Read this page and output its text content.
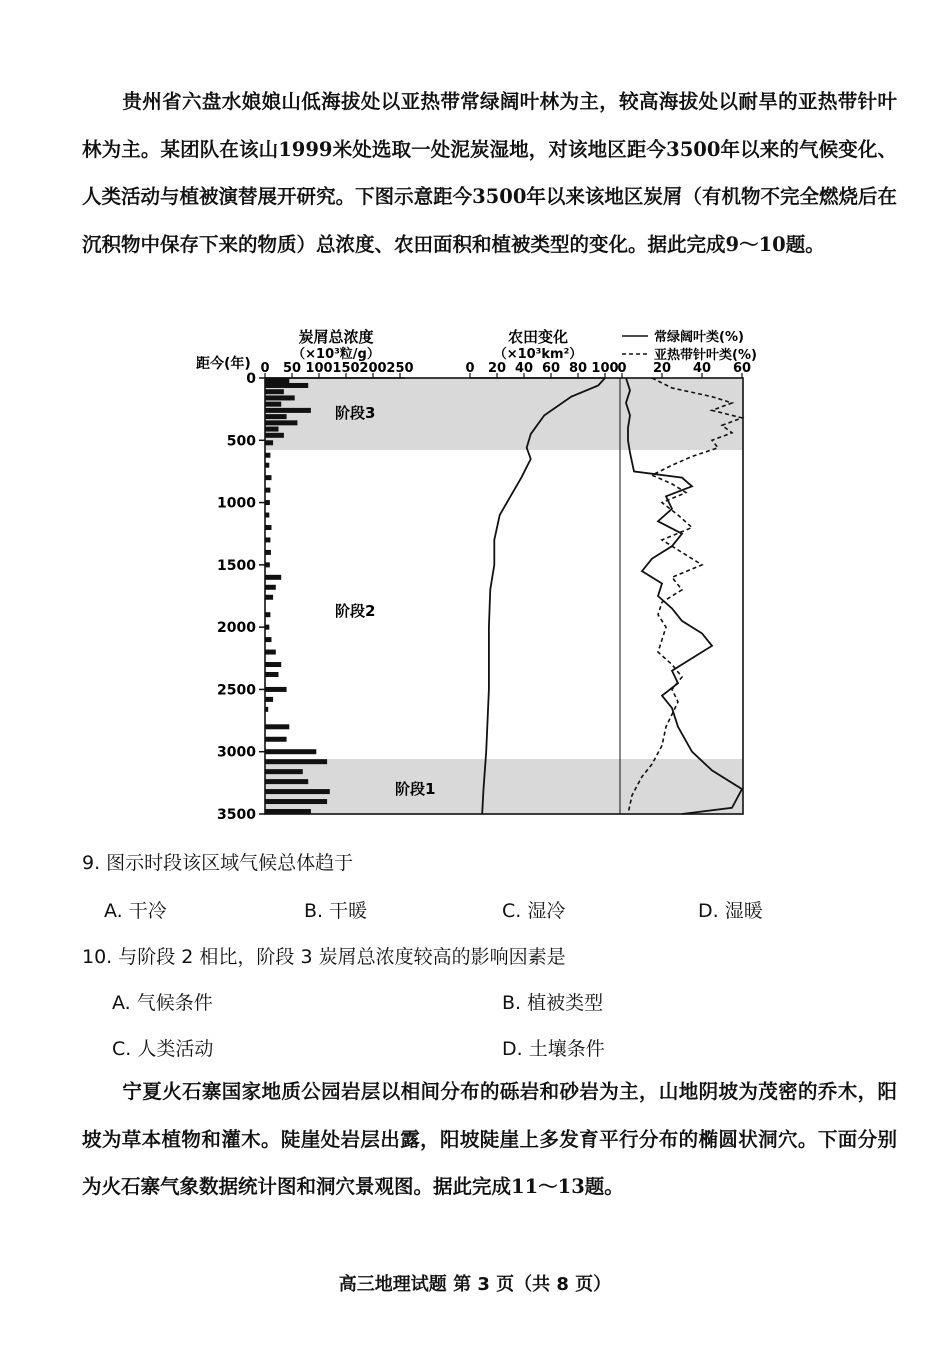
贵州省六盘水娘娘山低海拔处以亚热带常绿阔叶林为主，较高海拔处以耐旱的亚热带针叶林为主。某团队在该山1999米处选取一处泥炭湿地，对该地区距今3500年以来的气候变化、人类活动与植被演替展开研究。下图示意距今3500年以来该地区炭屑（有机物不完全燃烧后在沉积物中保存下来的物质）总浓度、农田面积和植被类型的变化。据此完成9～10题。
炭屑总浓度
（×10³粒/g）
农田变化
（×10³km²）
距今(年)
常绿阔叶类(%)
亚热带针叶类(%)
阶段3
阶段2
阶段1
0
500
1000
1500
2000
2500
3000
3500
0 50 100 150 200 250	0 20 40 60 80 100
0 20 40 60
9. 图示时段该区域气候总体趋于
A. 干冷	B. 干暖	C. 湿冷	D. 湿暖
10. 与阶段 2 相比，阶段 3 炭屑总浓度较高的影响因素是
A. 气候条件	B. 植被类型
C. 人类活动	D. 土壤条件
宁夏火石寨国家地质公园岩层以相间分布的砾岩和砂岩为主，山地阴坡为茂密的乔木，阳坡为草本植物和灌木。陡崖处岩层出露，阳坡陡崖上多发育平行分布的椭圆状洞穴。下面分别为火石寨气象数据统计图和洞穴景观图。据此完成11～13题。
高三地理试题 第 3 页（共 8 页）
